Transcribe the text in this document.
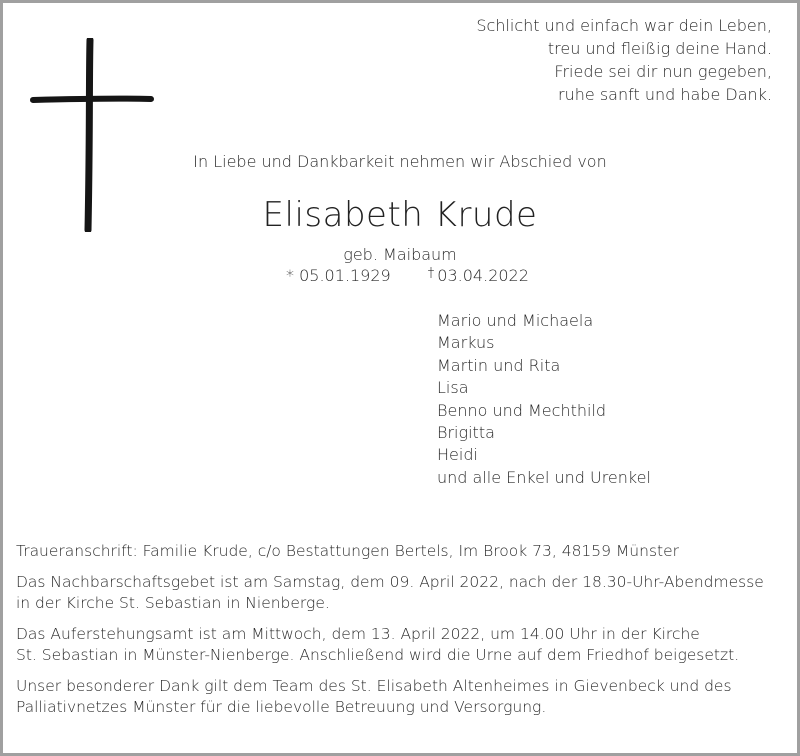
Schlicht und einfach war dein Leben,
treu und fleißig deine Hand.
Friede sei dir nun gegeben,
ruhe sanft und habe Dank.
In Liebe und Dankbarkeit nehmen wir Abschied von
Elisabeth Krude
geb. Maibaum
* 05.01.1929	† 03.04.2022
Mario und Michaela
Markus
Martin und Rita
Lisa
Benno und Mechthild
Brigitta
Heidi
und alle Enkel und Urenkel

Traueranschrift: Familie Krude, c/o Bestattungen Bertels, Im Brook 73, 48159 Münster

Das Nachbarschaftsgebet ist am Samstag, dem 09. April 2022, nach der 18.30-Uhr-Abendmesse
in der Kirche St. Sebastian in Nienberge.

Das Auferstehungsamt ist am Mittwoch, dem 13. April 2022, um 14.00 Uhr in der Kirche
St. Sebastian in Münster-Nienberge. Anschließend wird die Urne auf dem Friedhof beigesetzt.

Unser besonderer Dank gilt dem Team des St. Elisabeth Altenheimes in Gievenbeck und des
Palliativnetzes Münster für die liebevolle Betreuung und Versorgung.
